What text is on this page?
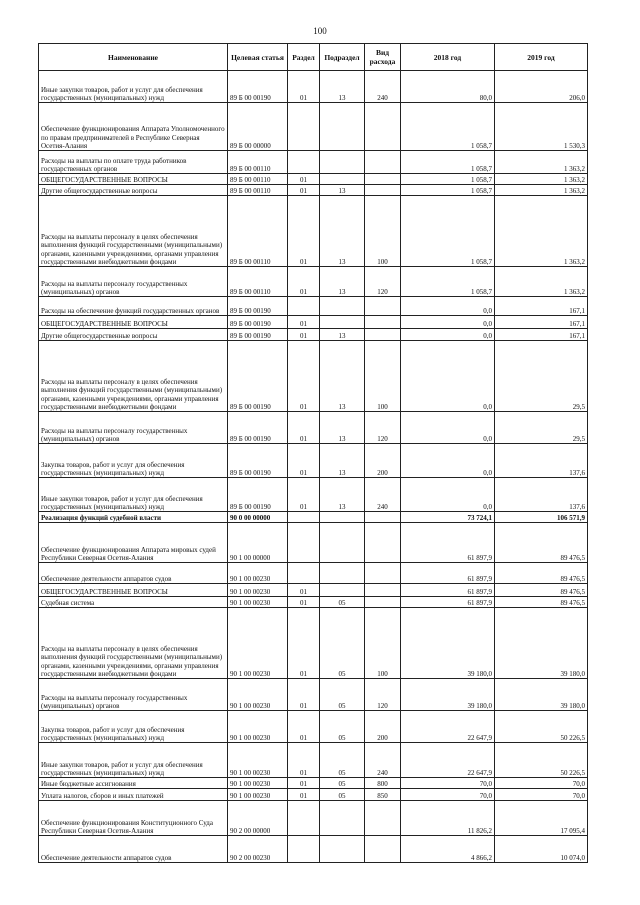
100
Наименование	Целевая статья	Раздел	Подраздел	Вид расхода	2018 год	2019 год
Иные закупки товаров, работ и услуг для обеспечения государственных (муниципальных) нужд	89 Б 00 00190	01	13	240	80,0	206,0
Обеспечение функционирования Аппарата Уполномоченного по правам предпринимателей в Республике Северная Осетия-Алания	89 Б 00 00000				1 058,7	1 530,3
Расходы на выплаты по оплате труда работников государственных органов	89 Б 00 00110				1 058,7	1 363,2
ОБЩЕГОСУДАРСТВЕННЫЕ ВОПРОСЫ	89 Б 00 00110	01			1 058,7	1 363,2
Другие общегосударственные вопросы	89 Б 00 00110	01	13		1 058,7	1 363,2
Расходы на выплаты персоналу в целях обеспечения выполнения функций государственными (муниципальными) органами, казенными учреждениями, органами управления государственными внебюджетными фондами	89 Б 00 00110	01	13	100	1 058,7	1 363,2
Расходы на выплаты персоналу государственных (муниципальных) органов	89 Б 00 00110	01	13	120	1 058,7	1 363,2
Расходы на обеспечение функций государственных органов	89 Б 00 00190				0,0	167,1
ОБЩЕГОСУДАРСТВЕННЫЕ ВОПРОСЫ	89 Б 00 00190	01			0,0	167,1
Другие общегосударственные вопросы	89 Б 00 00190	01	13		0,0	167,1
Расходы на выплаты персоналу в целях обеспечения выполнения функций государственными (муниципальными) органами, казенными учреждениями, органами управления государственными внебюджетными фондами	89 Б 00 00190	01	13	100	0,0	29,5
Расходы на выплаты персоналу государственных (муниципальных) органов	89 Б 00 00190	01	13	120	0,0	29,5
Закупка товаров, работ и услуг для обеспечения государственных (муниципальных) нужд	89 Б 00 00190	01	13	200	0,0	137,6
Иные закупки товаров, работ и услуг для обеспечения государственных (муниципальных) нужд	89 Б 00 00190	01	13	240	0,0	137,6
Реализация функций судебной власти	90 0 00 00000				73 724,1	106 571,9
Обеспечение функционирования Аппарата мировых судей Республики Северная Осетия-Алания	90 1 00 00000				61 897,9	89 476,5
Обеспечение деятельности аппаратов судов	90 1 00 00230				61 897,9	89 476,5
ОБЩЕГОСУДАРСТВЕННЫЕ ВОПРОСЫ	90 1 00 00230	01			61 897,9	89 476,5
Судебная система	90 1 00 00230	01	05		61 897,9	89 476,5
Расходы на выплаты персоналу в целях обеспечения выполнения функций государственными (муниципальными) органами, казенными учреждениями, органами управления государственными внебюджетными фондами	90 1 00 00230	01	05	100	39 180,0	39 180,0
Расходы на выплаты персоналу государственных (муниципальных) органов	90 1 00 00230	01	05	120	39 180,0	39 180,0
Закупка товаров, работ и услуг для обеспечения государственных (муниципальных) нужд	90 1 00 00230	01	05	200	22 647,9	50 226,5
Иные закупки товаров, работ и услуг для обеспечения государственных (муниципальных) нужд	90 1 00 00230	01	05	240	22 647,9	50 226,5
Иные бюджетные ассигнования	90 1 00 00230	01	05	800	70,0	70,0
Уплата налогов, сборов и иных платежей	90 1 00 00230	01	05	850	70,0	70,0
Обеспечение функционирования Конституционного Суда Республики Северная Осетия-Алания	90 2 00 00000				11 826,2	17 095,4
Обеспечение деятельности аппаратов судов	90 2 00 00230				4 866,2	10 074,0
